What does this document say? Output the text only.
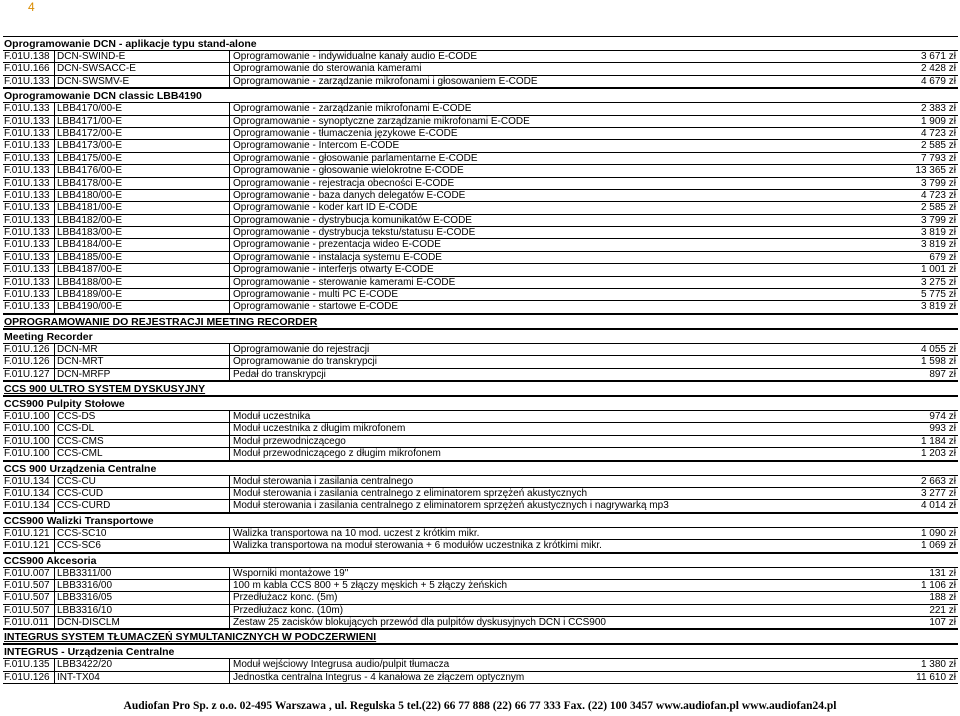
4
Oprogramowanie DCN - aplikacje typu stand-alone
F.01U.138 DCN-SWIND-E	Oprogramowanie - indywidualne kanały audio E-CODE	3 671 zł
F.01U.166 DCN-SWSACC-E	Oprogramowanie do sterowania kamerami	2 428 zł
F.01U.133 DCN-SWSMV-E	Oprogramowanie - zarządzanie mikrofonami i głosowaniem E-CODE	4 679 zł
Oprogramowanie DCN classic LBB4190
F.01U.133 LBB4170/00-E	Oprogramowanie - zarządzanie mikrofonami E-CODE	2 383 zł
F.01U.133 LBB4171/00-E	Oprogramowanie - synoptyczne zarządzanie mikrofonami E-CODE	1 909 zł
F.01U.133 LBB4172/00-E	Oprogramowanie - tłumaczenia językowe E-CODE	4 723 zł
F.01U.133 LBB4173/00-E	Oprogramowanie - Intercom E-CODE	2 585 zł
F.01U.133 LBB4175/00-E	Oprogramowanie - głosowanie parlamentarne E-CODE	7 793 zł
F.01U.133 LBB4176/00-E	Oprogramowanie - głosowanie wielokrotne E-CODE	13 365 zł
F.01U.133 LBB4178/00-E	Oprogramowanie - rejestracja obecności E-CODE	3 799 zł
F.01U.133 LBB4180/00-E	Oprogramowanie - baza danych delegatów E-CODE	4 723 zł
F.01U.133 LBB4181/00-E	Oprogramowanie - koder kart ID E-CODE	2 585 zł
F.01U.133 LBB4182/00-E	Oprogramowanie - dystrybucja komunikatów E-CODE	3 799 zł
F.01U.133 LBB4183/00-E	Oprogramowanie - dystrybucja tekstu/statusu E-CODE	3 819 zł
F.01U.133 LBB4184/00-E	Oprogramowanie - prezentacja wideo E-CODE	3 819 zł
F.01U.133 LBB4185/00-E	Oprogramowanie - instalacja systemu E-CODE	679 zł
F.01U.133 LBB4187/00-E	Oprogramowanie - interferjs otwarty E-CODE	1 001 zł
F.01U.133 LBB4188/00-E	Oprogramowanie - sterowanie kamerami E-CODE	3 275 zł
F.01U.133 LBB4189/00-E	Oprogramowanie - multi PC E-CODE	5 775 zł
F.01U.133 LBB4190/00-E	Oprogramowanie - startowe E-CODE	3 819 zł
OPROGRAMOWANIE DO REJESTRACJI MEETING RECORDER
Meeting Recorder
F.01U.126 DCN-MR	Oprogramowanie do rejestracji	4 055 zł
F.01U.126 DCN-MRT	Oprogramowanie do transkrypcji	1 598 zł
F.01U.127 DCN-MRFP	Pedał do transkrypcji	897 zł
CCS 900 ULTRO SYSTEM DYSKUSYJNY
CCS900 Pulpity Stołowe
F.01U.100 CCS-DS	Moduł uczestnika	974 zł
F.01U.100 CCS-DL	Moduł uczestnika z długim mikrofonem	993 zł
F.01U.100 CCS-CMS	Moduł przewodniczącego	1 184 zł
F.01U.100 CCS-CML	Moduł przewodniczącego z długim mikrofonem	1 203 zł
CCS 900 Urządzenia Centralne
F.01U.134 CCS-CU	Moduł sterowania i zasilania centralnego	2 663 zł
F.01U.134 CCS-CUD	Moduł sterowania i zasilania centralnego z eliminatorem sprzężeń akustycznych	3 277 zł
F.01U.134 CCS-CURD	Moduł sterowania i zasilania centralnego z eliminatorem sprzężeń akustycznych i nagrywarką mp3	4 014 zł
CCS900 Walizki Transportowe
F.01U.121 CCS-SC10	Walizka transportowa na 10 mod. uczest z krótkim mikr.	1 090 zł
F.01U.121 CCS-SC6	Walizka transportowa na moduł sterowania + 6 modułów uczestnika z krótkimi mikr.	1 069 zł
CCS900 Akcesoria
F.01U.007 LBB3311/00	Wsporniki montażowe 19"	131 zł
F.01U.507 LBB3316/00	100 m kabla CCS 800 + 5 złączy męskich + 5 złączy żeńskich	1 106 zł
F.01U.507 LBB3316/05	Przedłużacz konc. (5m)	188 zł
F.01U.507 LBB3316/10	Przedłużacz konc. (10m)	221 zł
F.01U.011 DCN-DISCLM	Zestaw 25 zacisków blokujących przewód dla pulpitów dyskusyjnych DCN i CCS900	107 zł
INTEGRUS SYSTEM TŁUMACZEŃ SYMULTANICZNYCH W PODCZERWIENI
INTEGRUS - Urządzenia Centralne
F.01U.135 LBB3422/20	Moduł wejściowy Integrusa audio/pulpit tłumacza	1 380 zł
F.01U.126 INT-TX04	Jednostka centralna Integrus - 4 kanałowa ze złączem optycznym	11 610 zł
Audiofan Pro Sp. z o.o. 02-495 Warszawa , ul. Regulska 5 tel.(22) 66 77 888 (22) 66 77 333 Fax. (22) 100 3457 www.audiofan.pl www.audiofan24.pl
